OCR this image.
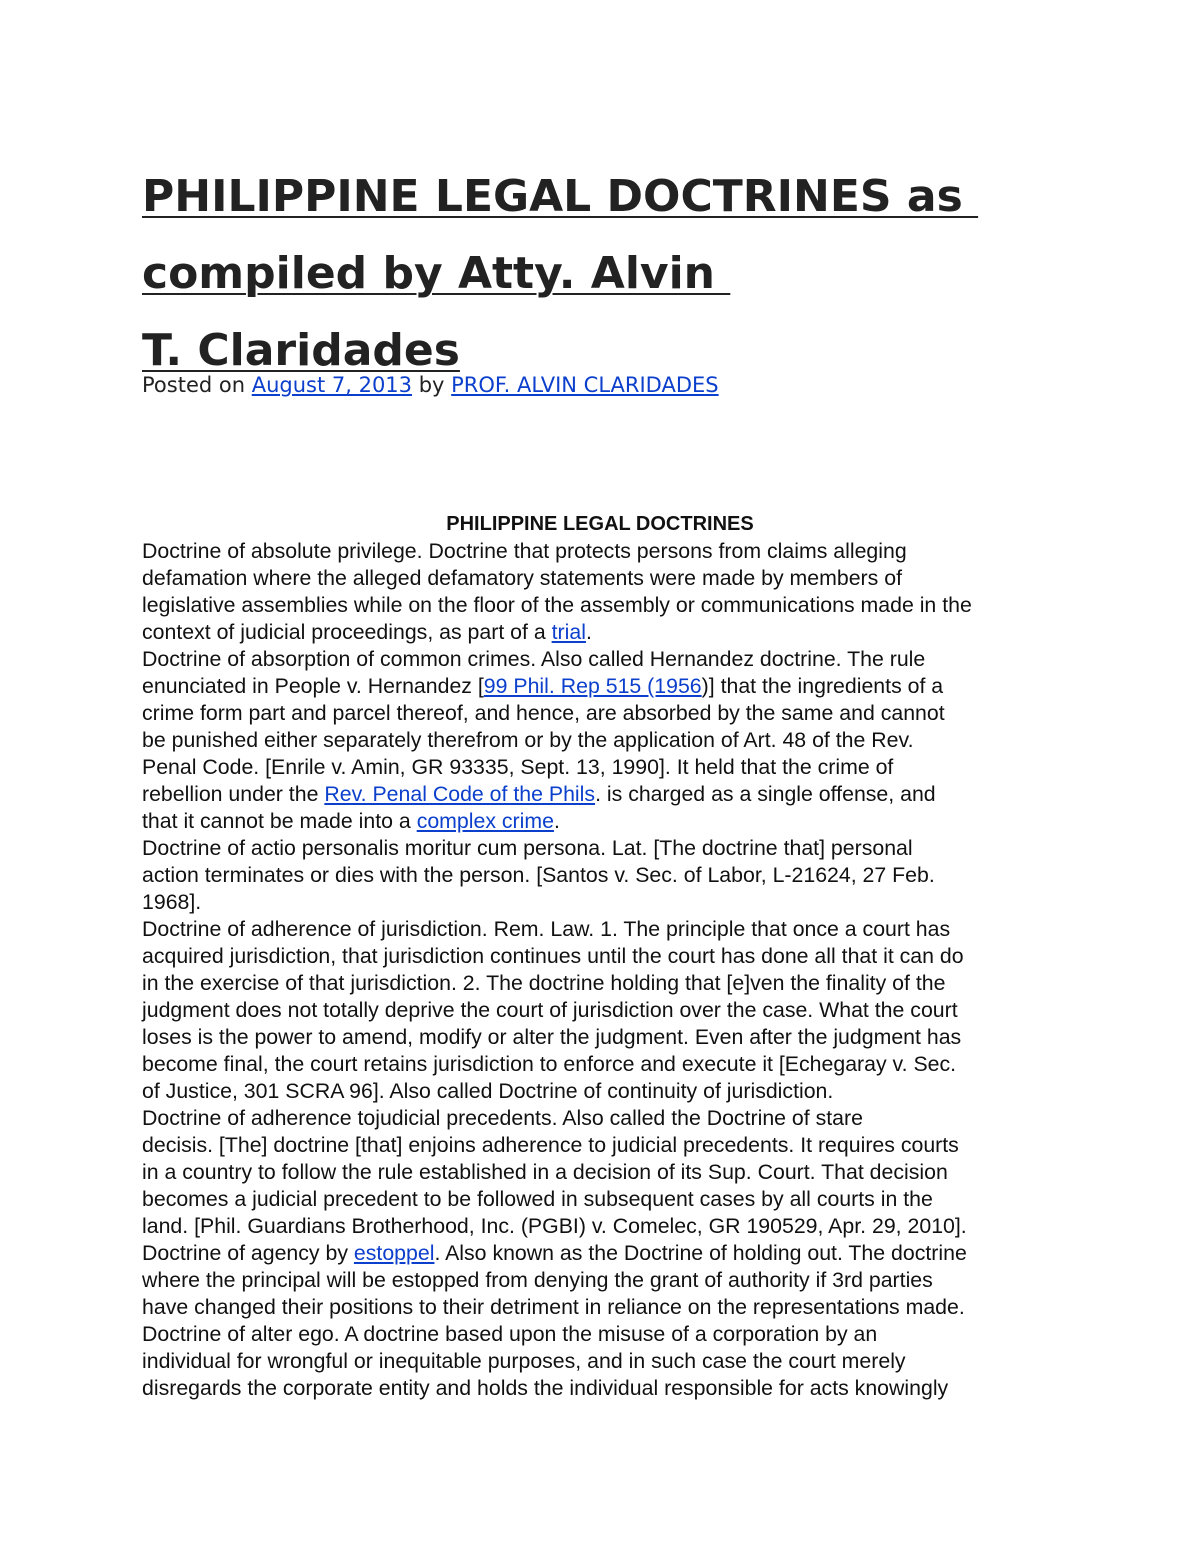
PHILIPPINE LEGAL DOCTRINES as
compiled by Atty. Alvin
T. Claridades
Posted on August 7, 2013 by PROF. ALVIN CLARIDADES
PHILIPPINE LEGAL DOCTRINES
Doctrine of absolute privilege. Doctrine that protects persons from claims alleging
defamation where the alleged defamatory statements were made by members of
legislative assemblies while on the floor of the assembly or communications made in the
context of judicial proceedings, as part of a trial.
Doctrine of absorption of common crimes. Also called Hernandez doctrine. The rule
enunciated in People v. Hernandez [99 Phil. Rep 515 (1956)] that the ingredients of a
crime form part and parcel thereof, and hence, are absorbed by the same and cannot
be punished either separately therefrom or by the application of Art. 48 of the Rev.
Penal Code. [Enrile v. Amin, GR 93335, Sept. 13, 1990]. It held that the crime of
rebellion under the Rev. Penal Code of the Phils. is charged as a single offense, and
that it cannot be made into a complex crime.
Doctrine of actio personalis moritur cum persona. Lat. [The doctrine that] personal
action terminates or dies with the person. [Santos v. Sec. of Labor, L-21624, 27 Feb.
1968].
Doctrine of adherence of jurisdiction. Rem. Law. 1. The principle that once a court has
acquired jurisdiction, that jurisdiction continues until the court has done all that it can do
in the exercise of that jurisdiction. 2. The doctrine holding that [e]ven the finality of the
judgment does not totally deprive the court of jurisdiction over the case. What the court
loses is the power to amend, modify or alter the judgment. Even after the judgment has
become final, the court retains jurisdiction to enforce and execute it [Echegaray v. Sec.
of Justice, 301 SCRA 96]. Also called Doctrine of continuity of jurisdiction.
Doctrine of adherence tojudicial precedents. Also called the Doctrine of stare
decisis. [The] doctrine [that] enjoins adherence to judicial precedents. It requires courts
in a country to follow the rule established in a decision of its Sup. Court. That decision
becomes a judicial precedent to be followed in subsequent cases by all courts in the
land. [Phil. Guardians Brotherhood, Inc. (PGBI) v. Comelec, GR 190529, Apr. 29, 2010].
Doctrine of agency by estoppel. Also known as the Doctrine of holding out. The doctrine
where the principal will be estopped from denying the grant of authority if 3rd parties
have changed their positions to their detriment in reliance on the representations made.
Doctrine of alter ego. A doctrine based upon the misuse of a corporation by an
individual for wrongful or inequitable purposes, and in such case the court merely
disregards the corporate entity and holds the individual responsible for acts knowingly
